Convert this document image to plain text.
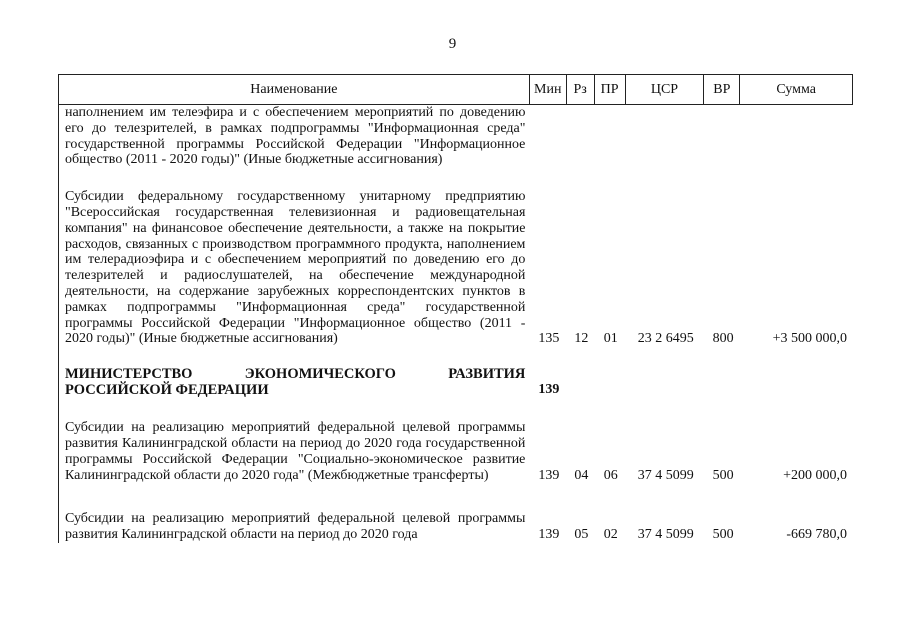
9
Наименование	Мин Рз ПР	ЦСР	ВР	Сумма
наполнением им телеэфира и с обеспечением мероприятий по доведению его до телезрителей, в рамках подпрограммы "Информационная среда" государственной программы Российской Федерации "Информационное общество (2011 - 2020 годы)" (Иные бюджетные ассигнования)
Субсидии федеральному государственному унитарному предприятию "Всероссийская государственная телевизионная и радиовещательная компания" на финансовое обеспечение деятельности, а также на покрытие расходов, связанных с производством программного продукта, наполнением им телерадиоэфира и с обеспечением мероприятий по доведению его до телезрителей и радиослушателей, на обеспечение международной деятельности, на содержание зарубежных корреспондентских пунктов в рамках подпрограммы "Информационная среда" государственной программы Российской Федерации "Информационное общество (2011 - 2020 годы)" (Иные бюджетные ассигнования)	135	12	01	23 2 6495	800	+3 500 000,0
МИНИСТЕРСТВО ЭКОНОМИЧЕСКОГО РАЗВИТИЯ РОССИЙСКОЙ ФЕДЕРАЦИИ	139
Субсидии на реализацию мероприятий федеральной целевой программы развития Калининградской области на период до 2020 года государственной программы Российской Федерации "Социально-экономическое развитие Калининградской области до 2020 года" (Межбюджетные трансферты)	139	04	06	37 4 5099	500	+200 000,0
Субсидии на реализацию мероприятий федеральной целевой программы развития Калининградской области на период до 2020 года	139	05	02	37 4 5099	500	-669 780,0
